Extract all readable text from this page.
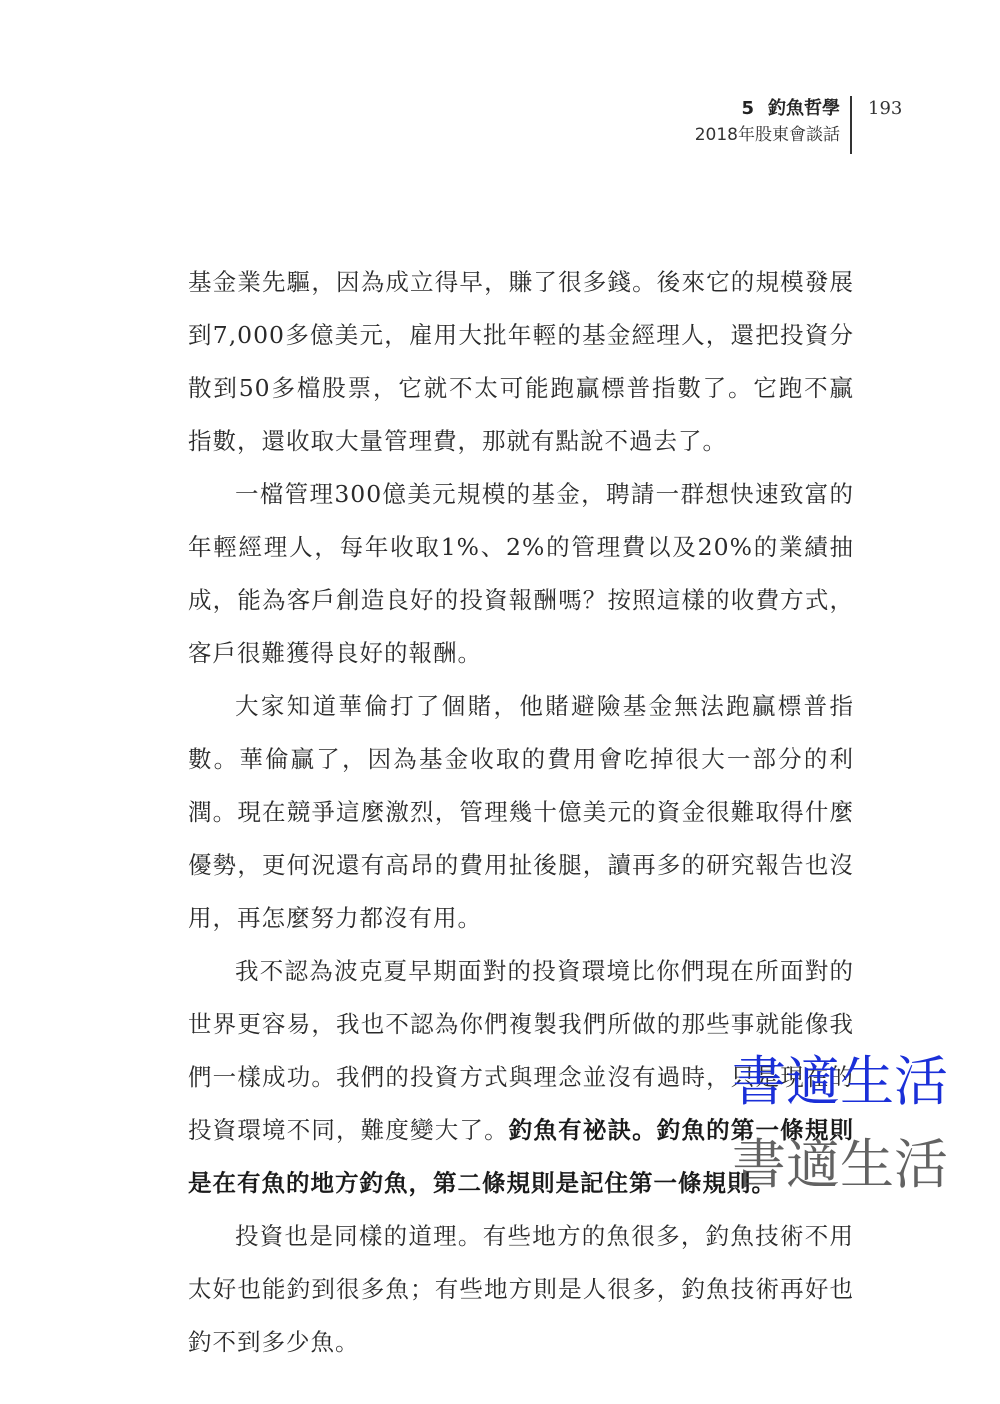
5 釣魚哲學
2018年股東會談話
193

基金業先驅，因為成立得早，賺了很多錢。後來它的規模發展到7,000多億美元，雇用大批年輕的基金經理人，還把投資分散到50多檔股票，它就不太可能跑贏標普指數了。它跑不贏指數，還收取大量管理費，那就有點說不過去了。

一檔管理300億美元規模的基金，聘請一群想快速致富的年輕經理人，每年收取1%、2%的管理費以及20%的業績抽成，能為客戶創造良好的投資報酬嗎？按照這樣的收費方式，客戶很難獲得良好的報酬。

大家知道華倫打了個賭，他賭避險基金無法跑贏標普指數。華倫贏了，因為基金收取的費用會吃掉很大一部分的利潤。現在競爭這麼激烈，管理幾十億美元的資金很難取得什麼優勢，更何況還有高昂的費用扯後腿，讀再多的研究報告也沒用，再怎麼努力都沒有用。

我不認為波克夏早期面對的投資環境比你們現在所面對的世界更容易，我也不認為你們複製我們所做的那些事就能像我們一樣成功。我們的投資方式與理念並沒有過時，只是現在的投資環境不同，難度變大了。釣魚有祕訣。釣魚的第一條規則是在有魚的地方釣魚，第二條規則是記住第一條規則。

投資也是同樣的道理。有些地方的魚很多，釣魚技術不用太好也能釣到很多魚；有些地方則是人很多，釣魚技術再好也釣不到多少魚。

書適生活
書適生活
